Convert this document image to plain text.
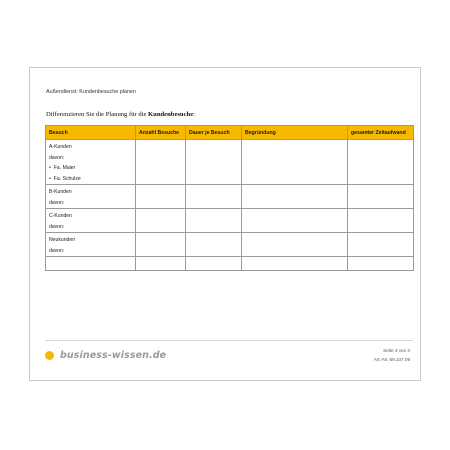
Außendienst: Kundenbesuche planen
Differenzieren Sie die Planung für die Kundenbesuche:
Besuch	Anzahl Besuche	Dauer je Besuch	Begründung	gesamter Zeitaufwand

A-Kunden
davon:
• Fa. Maier
• Fa. Schulze

B-Kunden
davon:				

C-Kunden
davon:				

Neukunden
davon:				

business-wissen.de	Seite 3 von 3
Art.-Nr. 69.107.09
